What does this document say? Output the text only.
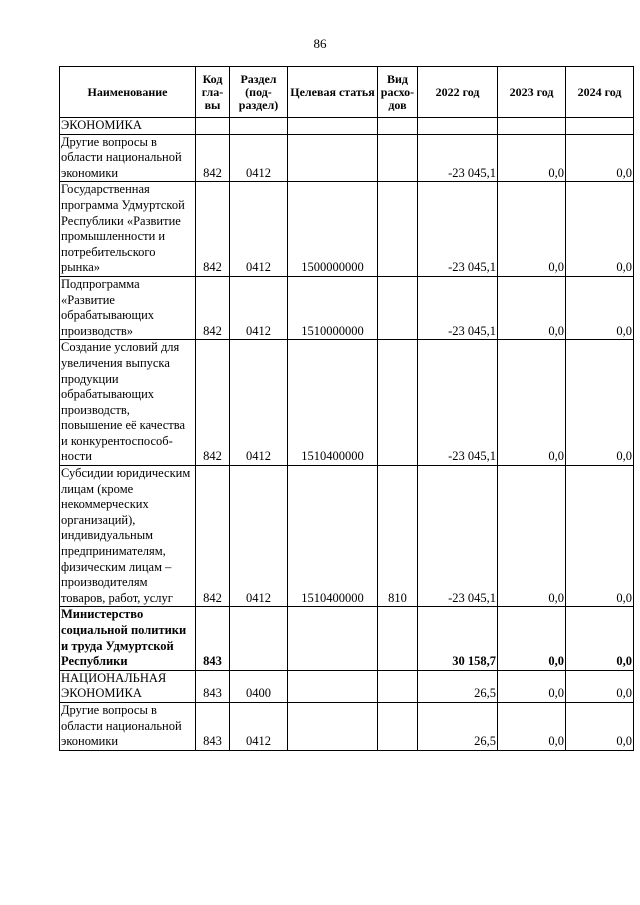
86
Наименование	Код гла-вы	Раздел (под-раздел)	Целевая статья	Вид расхо-дов	2022 год	2023 год	2024 год
ЭКОНОМИКА							
Другие вопросы в области национальной экономики	842	0412			-23 045,1	0,0	0,0
Государственная программа Удмуртской Республики «Развитие промышленности и потребительского рынка»	842	0412	1500000000		-23 045,1	0,0	0,0
Подпрограмма «Развитие обрабатывающих производств»	842	0412	1510000000		-23 045,1	0,0	0,0
Создание условий для увеличения выпуска продукции обрабатывающих производств, повышение её качества и конкурентоспособ-ности	842	0412	1510400000		-23 045,1	0,0	0,0
Субсидии юридическим лицам (кроме некоммерческих организаций), индивидуальным предпринимателям, физическим лицам – производителям товаров, работ, услуг	842	0412	1510400000	810	-23 045,1	0,0	0,0
Министерство социальной политики и труда Удмуртской Республики	843				30 158,7	0,0	0,0
НАЦИОНАЛЬНАЯ ЭКОНОМИКА	843	0400			26,5	0,0	0,0
Другие вопросы в области национальной экономики	843	0412			26,5	0,0	0,0
